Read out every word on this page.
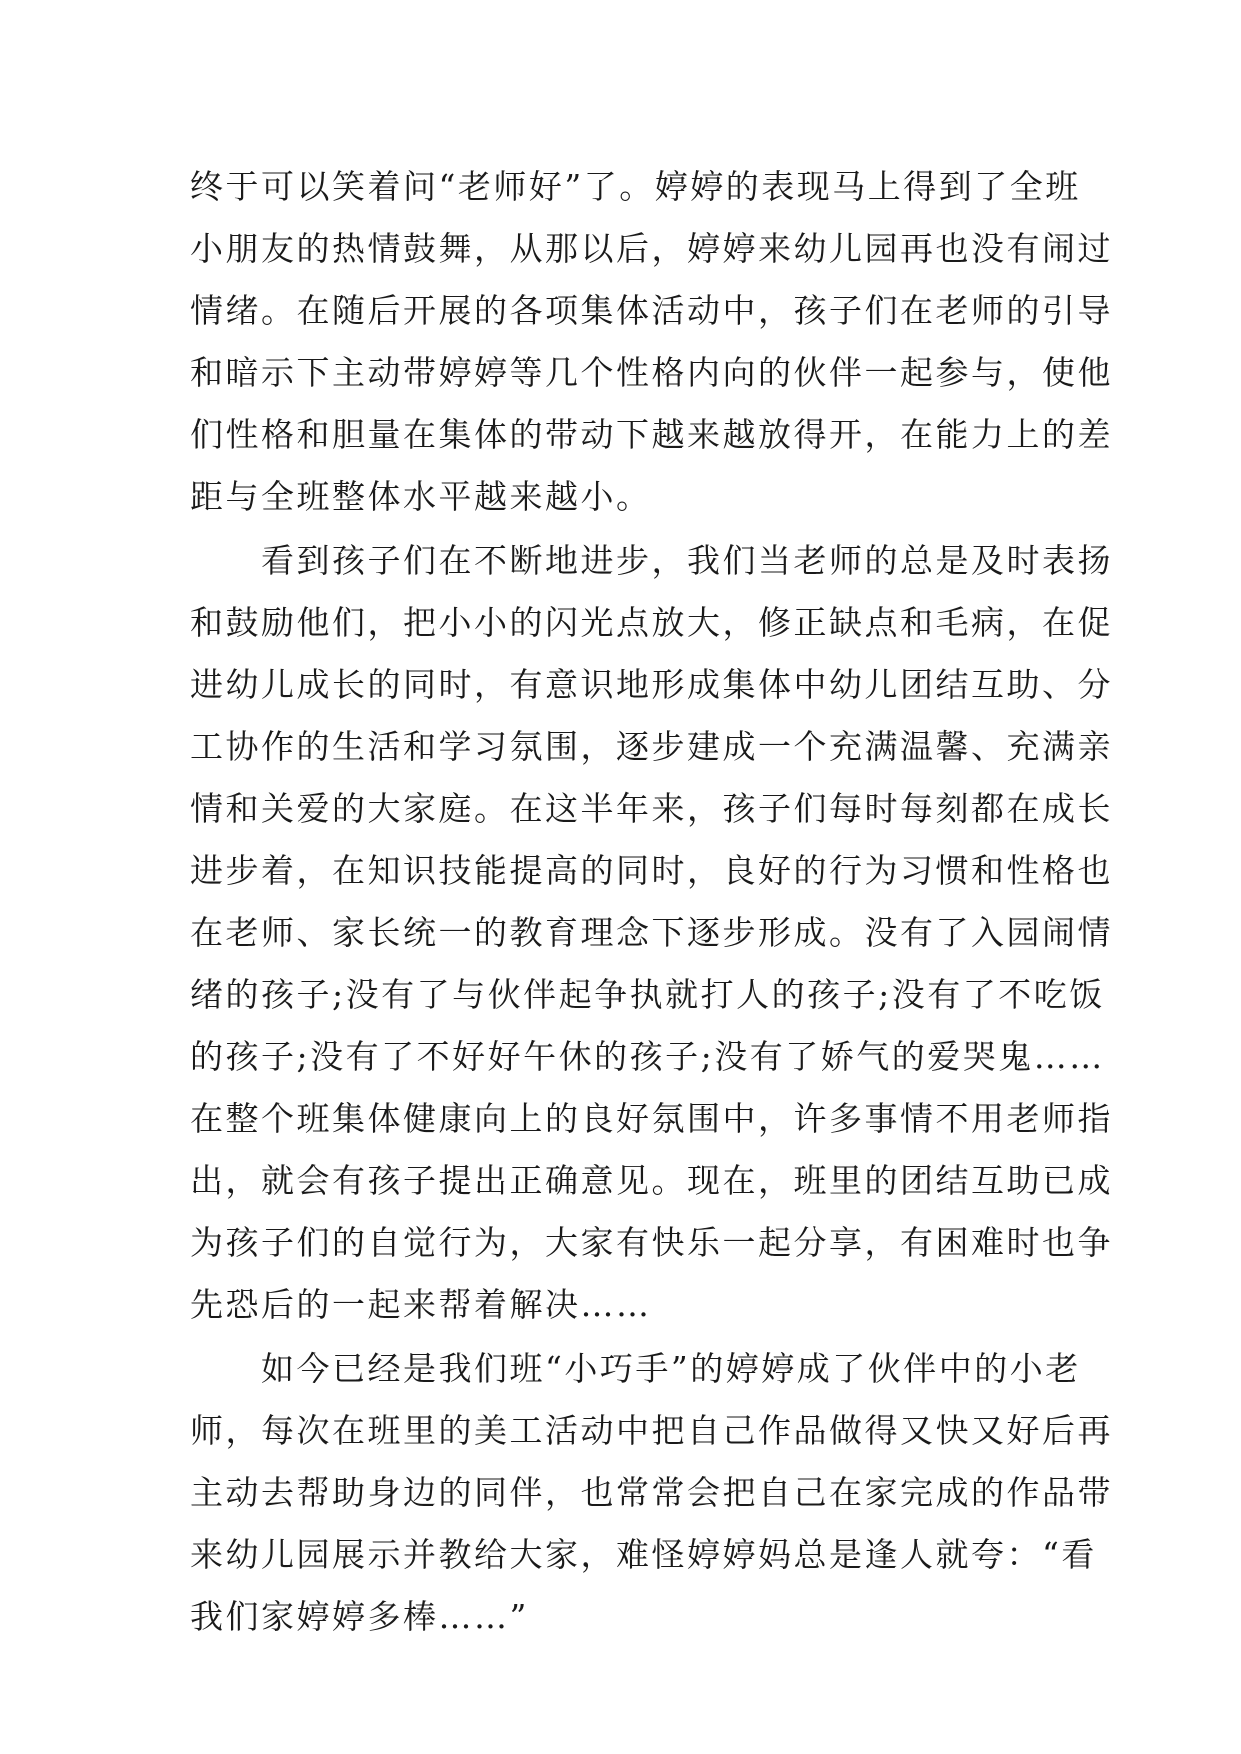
终于可以笑着问“老师好”了。婷婷的表现马上得到了全班
小朋友的热情鼓舞，从那以后，婷婷来幼儿园再也没有闹过
情绪。在随后开展的各项集体活动中，孩子们在老师的引导
和暗示下主动带婷婷等几个性格内向的伙伴一起参与，使他
们性格和胆量在集体的带动下越来越放得开，在能力上的差
距与全班整体水平越来越小。
　　看到孩子们在不断地进步，我们当老师的总是及时表扬
和鼓励他们，把小小的闪光点放大，修正缺点和毛病，在促
进幼儿成长的同时，有意识地形成集体中幼儿团结互助、分
工协作的生活和学习氛围，逐步建成一个充满温馨、充满亲
情和关爱的大家庭。在这半年来，孩子们每时每刻都在成长
进步着，在知识技能提高的同时，良好的行为习惯和性格也
在老师、家长统一的教育理念下逐步形成。没有了入园闹情
绪的孩子;没有了与伙伴起争执就打人的孩子;没有了不吃饭
的孩子;没有了不好好午休的孩子;没有了娇气的爱哭鬼……
在整个班集体健康向上的良好氛围中，许多事情不用老师指
出，就会有孩子提出正确意见。现在，班里的团结互助已成
为孩子们的自觉行为，大家有快乐一起分享，有困难时也争
先恐后的一起来帮着解决……
　　如今已经是我们班“小巧手”的婷婷成了伙伴中的小老
师，每次在班里的美工活动中把自己作品做得又快又好后再
主动去帮助身边的同伴，也常常会把自己在家完成的作品带
来幼儿园展示并教给大家，难怪婷婷妈总是逢人就夸：“看
我们家婷婷多棒……”
